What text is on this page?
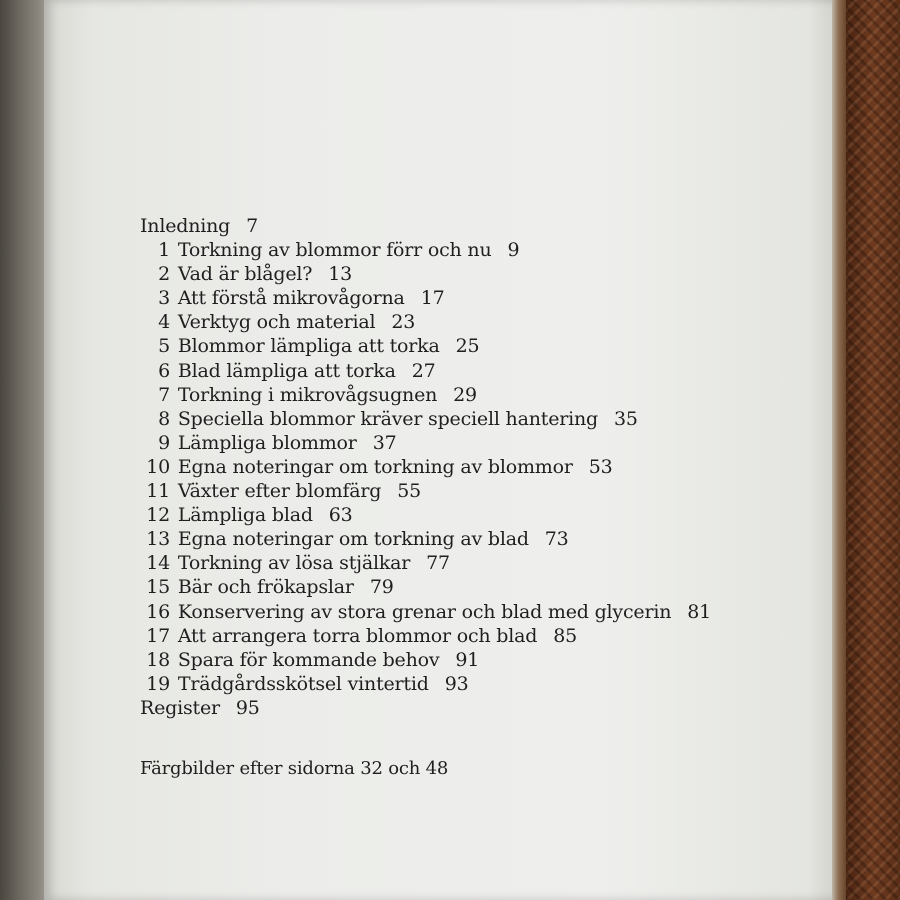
Inledning 7
1 Torkning av blommor förr och nu 9
2 Vad är blågel? 13
3 Att förstå mikrovågorna 17
4 Verktyg och material 23
5 Blommor lämpliga att torka 25
6 Blad lämpliga att torka 27
7 Torkning i mikrovågsugnen 29
8 Speciella blommor kräver speciell hantering 35
9 Lämpliga blommor 37
10 Egna noteringar om torkning av blommor 53
11 Växter efter blomfärg 55
12 Lämpliga blad 63
13 Egna noteringar om torkning av blad 73
14 Torkning av lösa stjälkar 77
15 Bär och frökapslar 79
16 Konservering av stora grenar och blad med glycerin 81
17 Att arrangera torra blommor och blad 85
18 Spara för kommande behov 91
19 Trädgårdsskötsel vintertid 93
Register 95
Färgbilder efter sidorna 32 och 48
